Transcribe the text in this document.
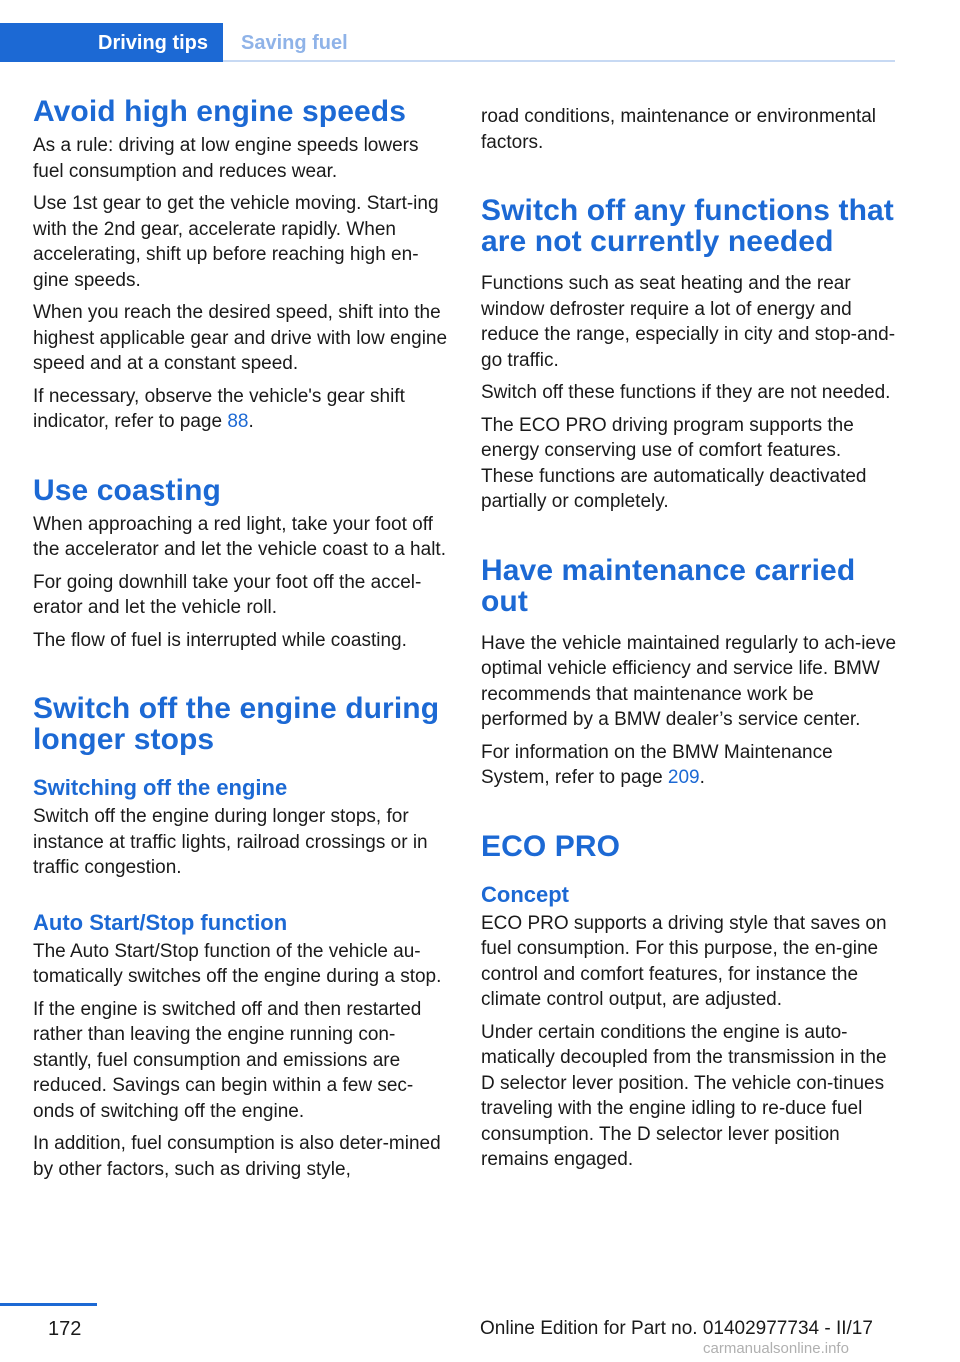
Driving tips	Saving fuel
Avoid high engine speeds

As a rule: driving at low engine speeds lowers fuel consumption and reduces wear.

Use 1st gear to get the vehicle moving. Start‐ing with the 2nd gear, accelerate rapidly. When accelerating, shift up before reaching high en‐gine speeds.

When you reach the desired speed, shift into the highest applicable gear and drive with low engine speed and at a constant speed.

If necessary, observe the vehicle's gear shift indicator, refer to page 88.

Use coasting

When approaching a red light, take your foot off the accelerator and let the vehicle coast to a halt.

For going downhill take your foot off the accel‐erator and let the vehicle roll.

The flow of fuel is interrupted while coasting.

Switch off the engine during longer stops
Switching off the engine

Switch off the engine during longer stops, for instance at traffic lights, railroad crossings or in traffic congestion.

Auto Start/Stop function

The Auto Start/Stop function of the vehicle au‐tomatically switches off the engine during a stop.

If the engine is switched off and then restarted rather than leaving the engine running con‐stantly, fuel consumption and emissions are reduced. Savings can begin within a few sec‐onds of switching off the engine.

In addition, fuel consumption is also deter‐mined by other factors, such as driving style,

road conditions, maintenance or environmental factors.

Switch off any functions that are not currently needed

Functions such as seat heating and the rear window defroster require a lot of energy and reduce the range, especially in city and stop-and-go traffic.

Switch off these functions if they are not needed.

The ECO PRO driving program supports the energy conserving use of comfort features. These functions are automatically deactivated partially or completely.

Have maintenance carried out

Have the vehicle maintained regularly to ach‐ieve optimal vehicle efficiency and service life. BMW recommends that maintenance work be performed by a BMW dealer’s service center.

For information on the BMW Maintenance System, refer to page 209.

ECO PRO
Concept

ECO PRO supports a driving style that saves on fuel consumption. For this purpose, the en‐gine control and comfort features, for instance the climate control output, are adjusted.

Under certain conditions the engine is auto‐matically decoupled from the transmission in the D selector lever position. The vehicle con‐tinues traveling with the engine idling to re‐duce fuel consumption. The D selector lever position remains engaged.

172	Online Edition for Part no. 01402977734 - II/17
carmanualsonline.info
